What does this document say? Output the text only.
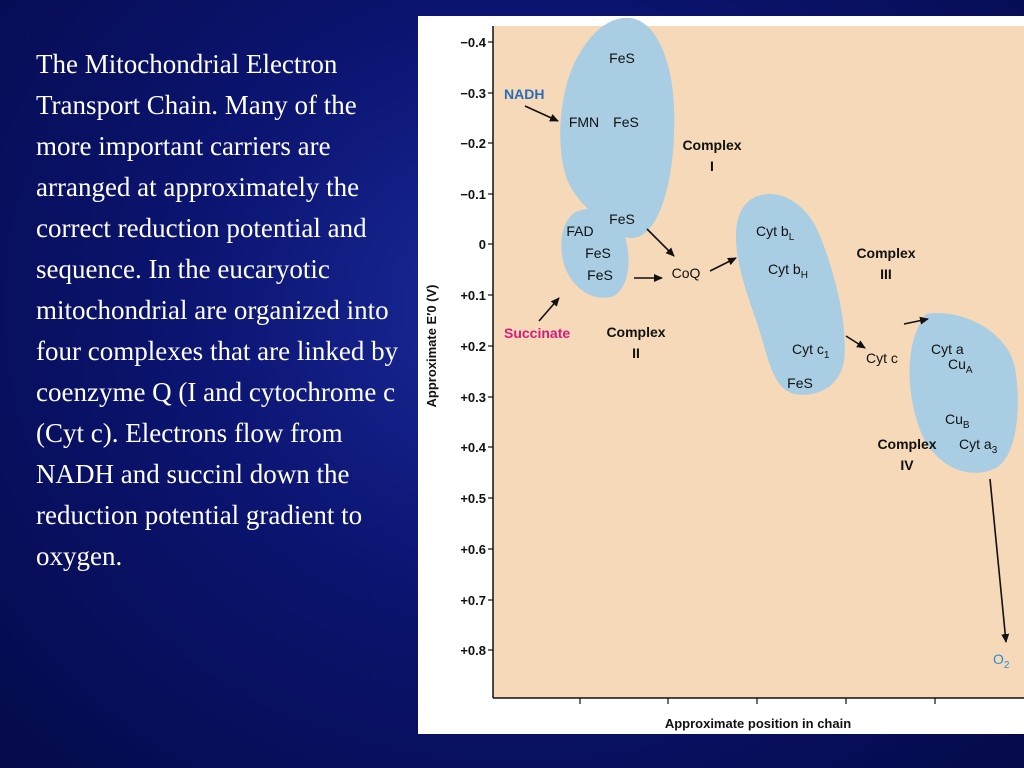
The Mitochondrial Electron Transport Chain. Many of the more important carriers are arranged at approximately the correct reduction potential and sequence. In the eucaryotic mitochondrial are organized into four complexes that are linked by coenzyme Q (I and cytochrome c (Cyt c). Electrons flow from NADH and succinl down the reduction potential gradient to oxygen.
−0.4
−0.3
−0.2
−0.1
0
+0.1
+0.2
+0.3
+0.4
+0.5
+0.6
+0.7
+0.8
Approximate E′0 (V)
Approximate position in chain
FeS
NADH
FMN FeS
Complex
I
FeS
FAD
FeS
FeS	CoQ
Succinate	Complex
II
Cyt $b_L$
Cyt $b_H$
Complex
III
Cyt $c_1$
FeS
Cyt c
Cyt a
$Cu_A$
$Cu_B$
Cyt $a_3$
Complex
IV
$O_2$
